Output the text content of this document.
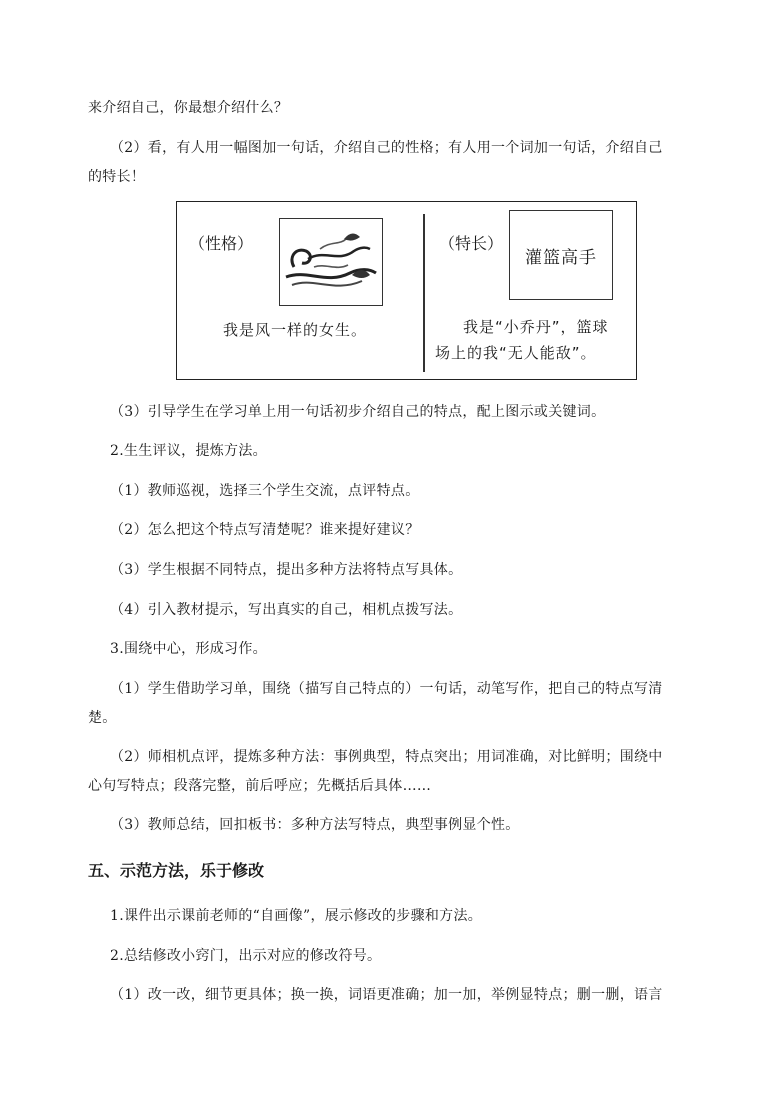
来介绍自己，你最想介绍什么？
（2）看，有人用一幅图加一句话，介绍自己的性格；有人用一个词加一句话，介绍自己
的特长！
（性格）
我是风一样的女生。
（特长）
灌篮高手
我是“小乔丹”，篮球
场上的我“无人能敌”。
（3）引导学生在学习单上用一句话初步介绍自己的特点，配上图示或关键词。
2.生生评议，提炼方法。
（1）教师巡视，选择三个学生交流，点评特点。
（2）怎么把这个特点写清楚呢？谁来提好建议？
（3）学生根据不同特点，提出多种方法将特点写具体。
（4）引入教材提示，写出真实的自己，相机点拨写法。
3.围绕中心，形成习作。
（1）学生借助学习单，围绕（描写自己特点的）一句话，动笔写作，把自己的特点写清
楚。
（2）师相机点评，提炼多种方法：事例典型，特点突出；用词准确，对比鲜明；围绕中
心句写特点；段落完整，前后呼应；先概括后具体……
（3）教师总结，回扣板书：多种方法写特点，典型事例显个性。
五、示范方法，乐于修改
1.课件出示课前老师的“自画像”，展示修改的步骤和方法。
2.总结修改小窍门，出示对应的修改符号。
（1）改一改，细节更具体；换一换，词语更准确；加一加，举例显特点；删一删，语言
